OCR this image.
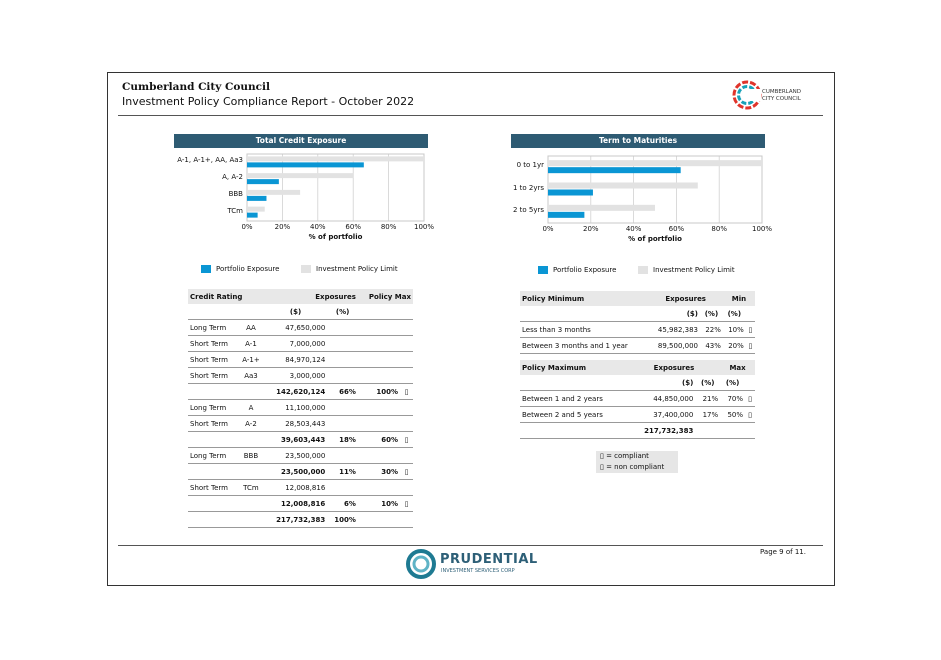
Cumberland City Council
Investment Policy Compliance Report - October 2022
CUMBERLAND
CITY COUNCIL
Total Credit Exposure
A-1, A-1+, AA, Aa3
A, A-2
BBB
TCm
0%	20%	40%	60%	80%	100%
% of portfolio
Term to Maturities
0 to 1yr
1 to 2yrs
2 to 5yrs
0%	20%	40%	60%	80%	100%
% of portfolio
Portfolio Exposure	Investment Policy Limit	Portfolio Exposure	Investment Policy Limit
Credit Rating		Exposures		Policy Max	
		($)	(%)		
Long Term	AA	47,650,000			
Short Term	A-1	7,000,000			
Short Term	A-1+	84,970,124			
Short Term	Aa3	3,000,000			
		142,620,124	66%	100%	▯
Long Term	A	11,100,000			
Short Term	A-2	28,503,443			
		39,603,443	18%	60%	▯
Long Term	BBB	23,500,000			
		23,500,000	11%	30%	▯
Short Term	TCm	12,008,816			
		12,008,816	6%	10%	▯
		217,732,383	100%		
Policy Minimum	Exposures		Min	
	($)	(%)	(%)	
Less than 3 months	45,982,383	22%	10%	▯
Between 3 months and 1 year	89,500,000	43%	20%	▯
Policy Maximum	Exposures		Max	
	($)	(%)	(%)	
Between 1 and 2 years	44,850,000	21%	70%	▯
Between 2 and 5 years	37,400,000	17%	50%	▯
	217,732,383			
▯ = compliant
▯ = non compliant
Page 9 of 11.
PRUDENTIAL
INVESTMENT SERVICES CORP
